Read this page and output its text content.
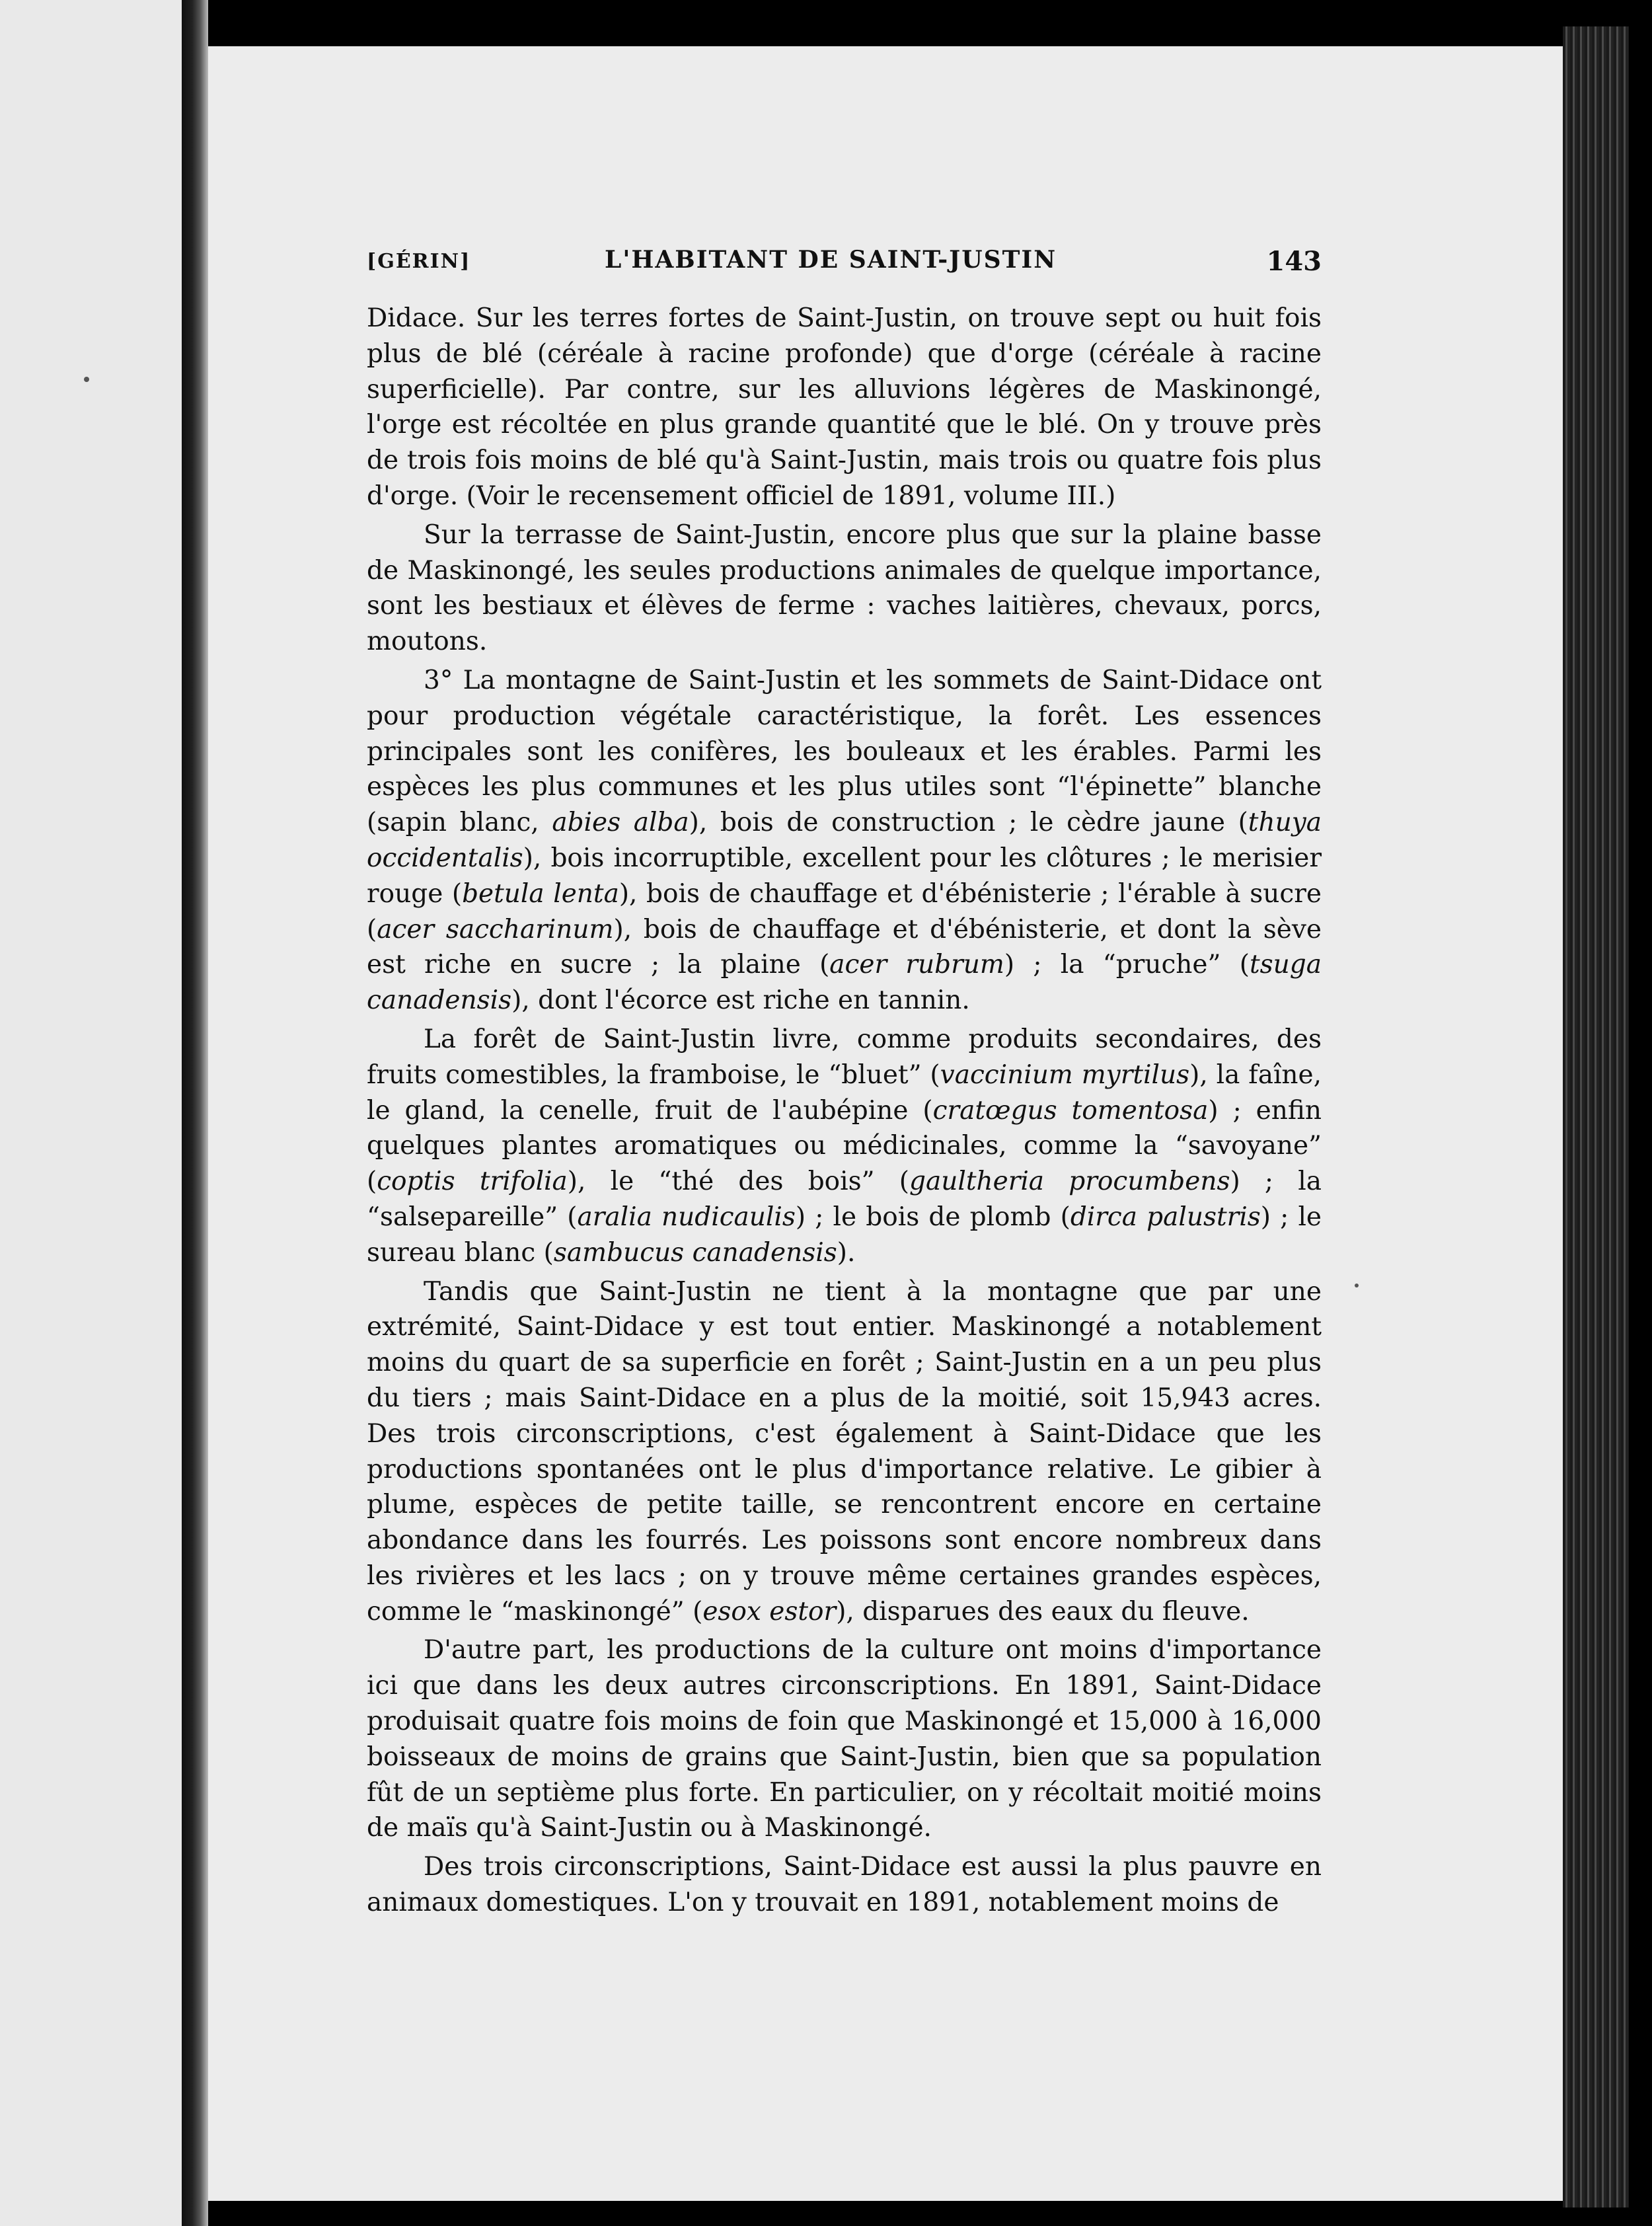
[GÉRIN]	L'HABITANT DE SAINT-JUSTIN	143

Didace. Sur les terres fortes de Saint-Justin, on trouve sept ou huit fois plus de blé (céréale à racine profonde) que d'orge (céréale à racine superficielle). Par contre, sur les alluvions légères de Maskinongé, l'orge est récoltée en plus grande quantité que le blé. On y trouve près de trois fois moins de blé qu'à Saint-Justin, mais trois ou quatre fois plus d'orge. (Voir le recensement officiel de 1891, volume III.)

Sur la terrasse de Saint-Justin, encore plus que sur la plaine basse de Maskinongé, les seules productions animales de quelque importance, sont les bestiaux et élèves de ferme : vaches laitières, chevaux, porcs, moutons.

3° La montagne de Saint-Justin et les sommets de Saint-Didace ont pour production végétale caractéristique, la forêt. Les essences principales sont les conifères, les bouleaux et les érables. Parmi les espèces les plus communes et les plus utiles sont “l'épinette” blanche (sapin blanc, abies alba), bois de construction ; le cèdre jaune (thuya occidentalis), bois incorruptible, excellent pour les clôtures ; le merisier rouge (betula lenta), bois de chauffage et d'ébénisterie ; l'érable à sucre (acer saccharinum), bois de chauffage et d'ébénisterie, et dont la sève est riche en sucre ; la plaine (acer rubrum) ; la “pruche” (tsuga canadensis), dont l'écorce est riche en tannin.

La forêt de Saint-Justin livre, comme produits secondaires, des fruits comestibles, la framboise, le “bluet” (vaccinium myrtilus), la faîne, le gland, la cenelle, fruit de l'aubépine (cratœgus tomentosa) ; enfin quelques plantes aromatiques ou médicinales, comme la “savoyane” (coptis trifolia), le “thé des bois” (gaultheria procumbens) ; la “salsepareille” (aralia nudicaulis) ; le bois de plomb (dirca palustris) ; le sureau blanc (sambucus canadensis).

Tandis que Saint-Justin ne tient à la montagne que par une extrémité, Saint-Didace y est tout entier. Maskinongé a notablement moins du quart de sa superficie en forêt ; Saint-Justin en a un peu plus du tiers ; mais Saint-Didace en a plus de la moitié, soit 15,943 acres. Des trois circonscriptions, c'est également à Saint-Didace que les productions spontanées ont le plus d'importance relative. Le gibier à plume, espèces de petite taille, se rencontrent encore en certaine abondance dans les fourrés. Les poissons sont encore nombreux dans les rivières et les lacs ; on y trouve même certaines grandes espèces, comme le “maskinongé” (esox estor), disparues des eaux du fleuve.

D'autre part, les productions de la culture ont moins d'importance ici que dans les deux autres circonscriptions. En 1891, Saint-Didace produisait quatre fois moins de foin que Maskinongé et 15,000 à 16,000 boisseaux de moins de grains que Saint-Justin, bien que sa population fût de un septième plus forte. En particulier, on y récoltait moitié moins de maïs qu'à Saint-Justin ou à Maskinongé.

Des trois circonscriptions, Saint-Didace est aussi la plus pauvre en animaux domestiques. L'on y trouvait en 1891, notablement moins de
